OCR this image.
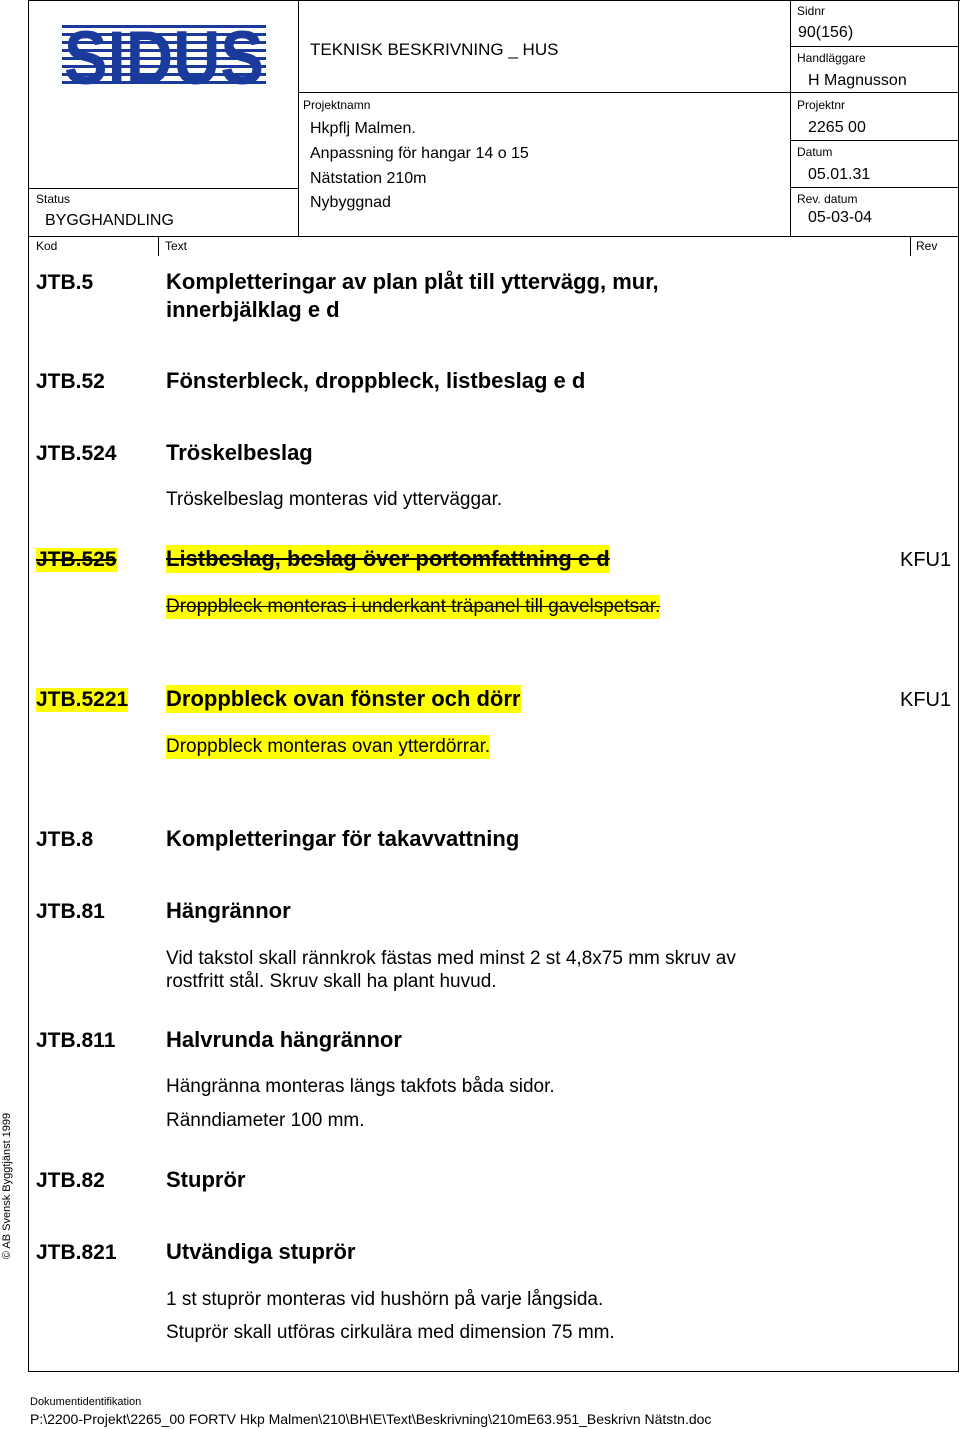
SIDUS	TEKNISK BESKRIVNING _ HUS
Sidnr
90(156)
Handläggare
H Magnusson
Projektnamn
Hkpflj Malmen.
Anpassning för hangar 14 o 15
Nätstation 210m
Nybyggnad
Projektnr
2265 00
Datum
05.01.31
Rev. datum
05-03-04
Status
BYGGHANDLING
Kod	Text	Rev
JTB.5	Kompletteringar av plan plåt till yttervägg, mur,
innerbjälklag e d
JTB.52	Fönsterbleck, droppbleck, listbeslag e d
JTB.524 Tröskelbeslag
Tröskelbeslag monteras vid ytterväggar.
JTB.525 Listbeslag, beslag över portomfattning e d	KFU1
Droppbleck monteras i underkant träpanel till gavelspetsar.
JTB.5221 Droppbleck ovan fönster och dörr	KFU1
Droppbleck monteras ovan ytterdörrar.
JTB.8	Kompletteringar för takavvattning
JTB.81	Hängrännor
Vid takstol skall rännkrok fästas med minst 2 st 4,8x75 mm skruv av
rostfritt stål. Skruv skall ha plant huvud.
JTB.811 Halvrunda hängrännor
Hängränna monteras längs takfots båda sidor.
Ränndiameter 100 mm.
JTB.82	Stuprör
JTB.821 Utvändiga stuprör
1 st stuprör monteras vid hushörn på varje långsida.
Stuprör skall utföras cirkulära med dimension 75 mm.
© AB Svensk Byggtjänst 1999
Dokumentidentifikation
P:\2200-Projekt\2265_00 FORTV Hkp Malmen\210\BH\E\Text\Beskrivning\210mE63.951_Beskrivn Nätstn.doc
